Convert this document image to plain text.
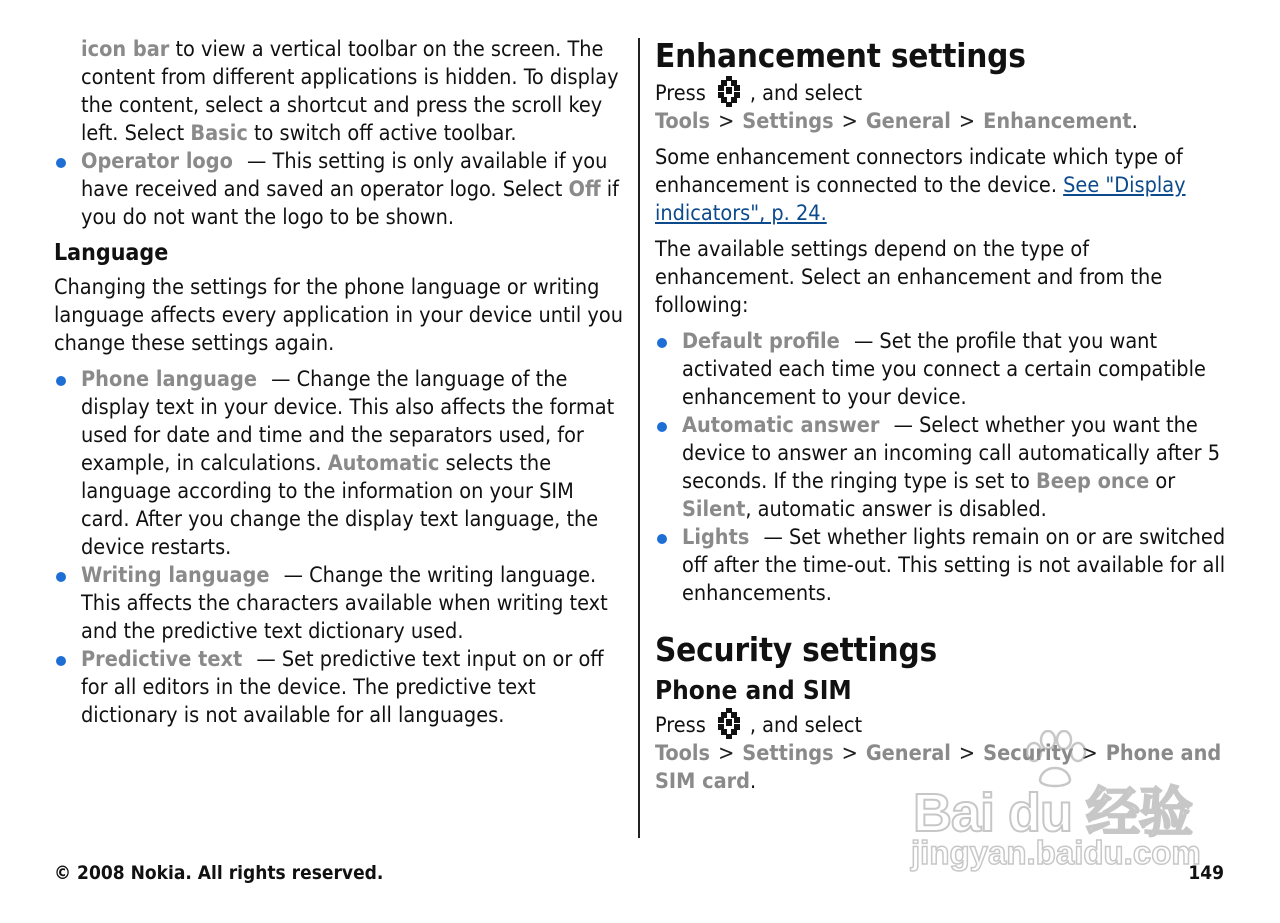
icon bar to view a vertical toolbar on the screen. The content from different applications is hidden. To display the content, select a shortcut and press the scroll key left. Select Basic to switch off active toolbar.

Operator logo — This setting is only available if you have received and saved an operator logo. Select Off if you do not want the logo to be shown.
Language

Changing the settings for the phone language or writing language affects every application in your device until you change these settings again.

Phone language — Change the language of the display text in your device. This also affects the format used for date and time and the separators used, for example, in calculations. Automatic selects the language according to the information on your SIM card. After you change the display text language, the device restarts.
Writing language — Change the writing language. This affects the characters available when writing text and the predictive text dictionary used.
Predictive text — Set predictive text input on or off for all editors in the device. The predictive text dictionary is not available for all languages.
Enhancement settings

Press , and select Tools > Settings > General > Enhancement.

Some enhancement connectors indicate which type of enhancement is connected to the device. See "Display indicators", p. 24.

The available settings depend on the type of enhancement. Select an enhancement and from the following:

Default profile — Set the profile that you want activated each time you connect a certain compatible enhancement to your device.
Automatic answer — Select whether you want the device to answer an incoming call automatically after 5 seconds. If the ringing type is set to Beep once or Silent, automatic answer is disabled.
Lights — Set whether lights remain on or are switched off after the time-out. This setting is not available for all enhancements.
Security settings
Phone and SIM

Press , and select Tools > Settings > General > Security > Phone and SIM card.

© 2008 Nokia. All rights reserved.	149
Bai du 经验
jingyan.baidu.com
